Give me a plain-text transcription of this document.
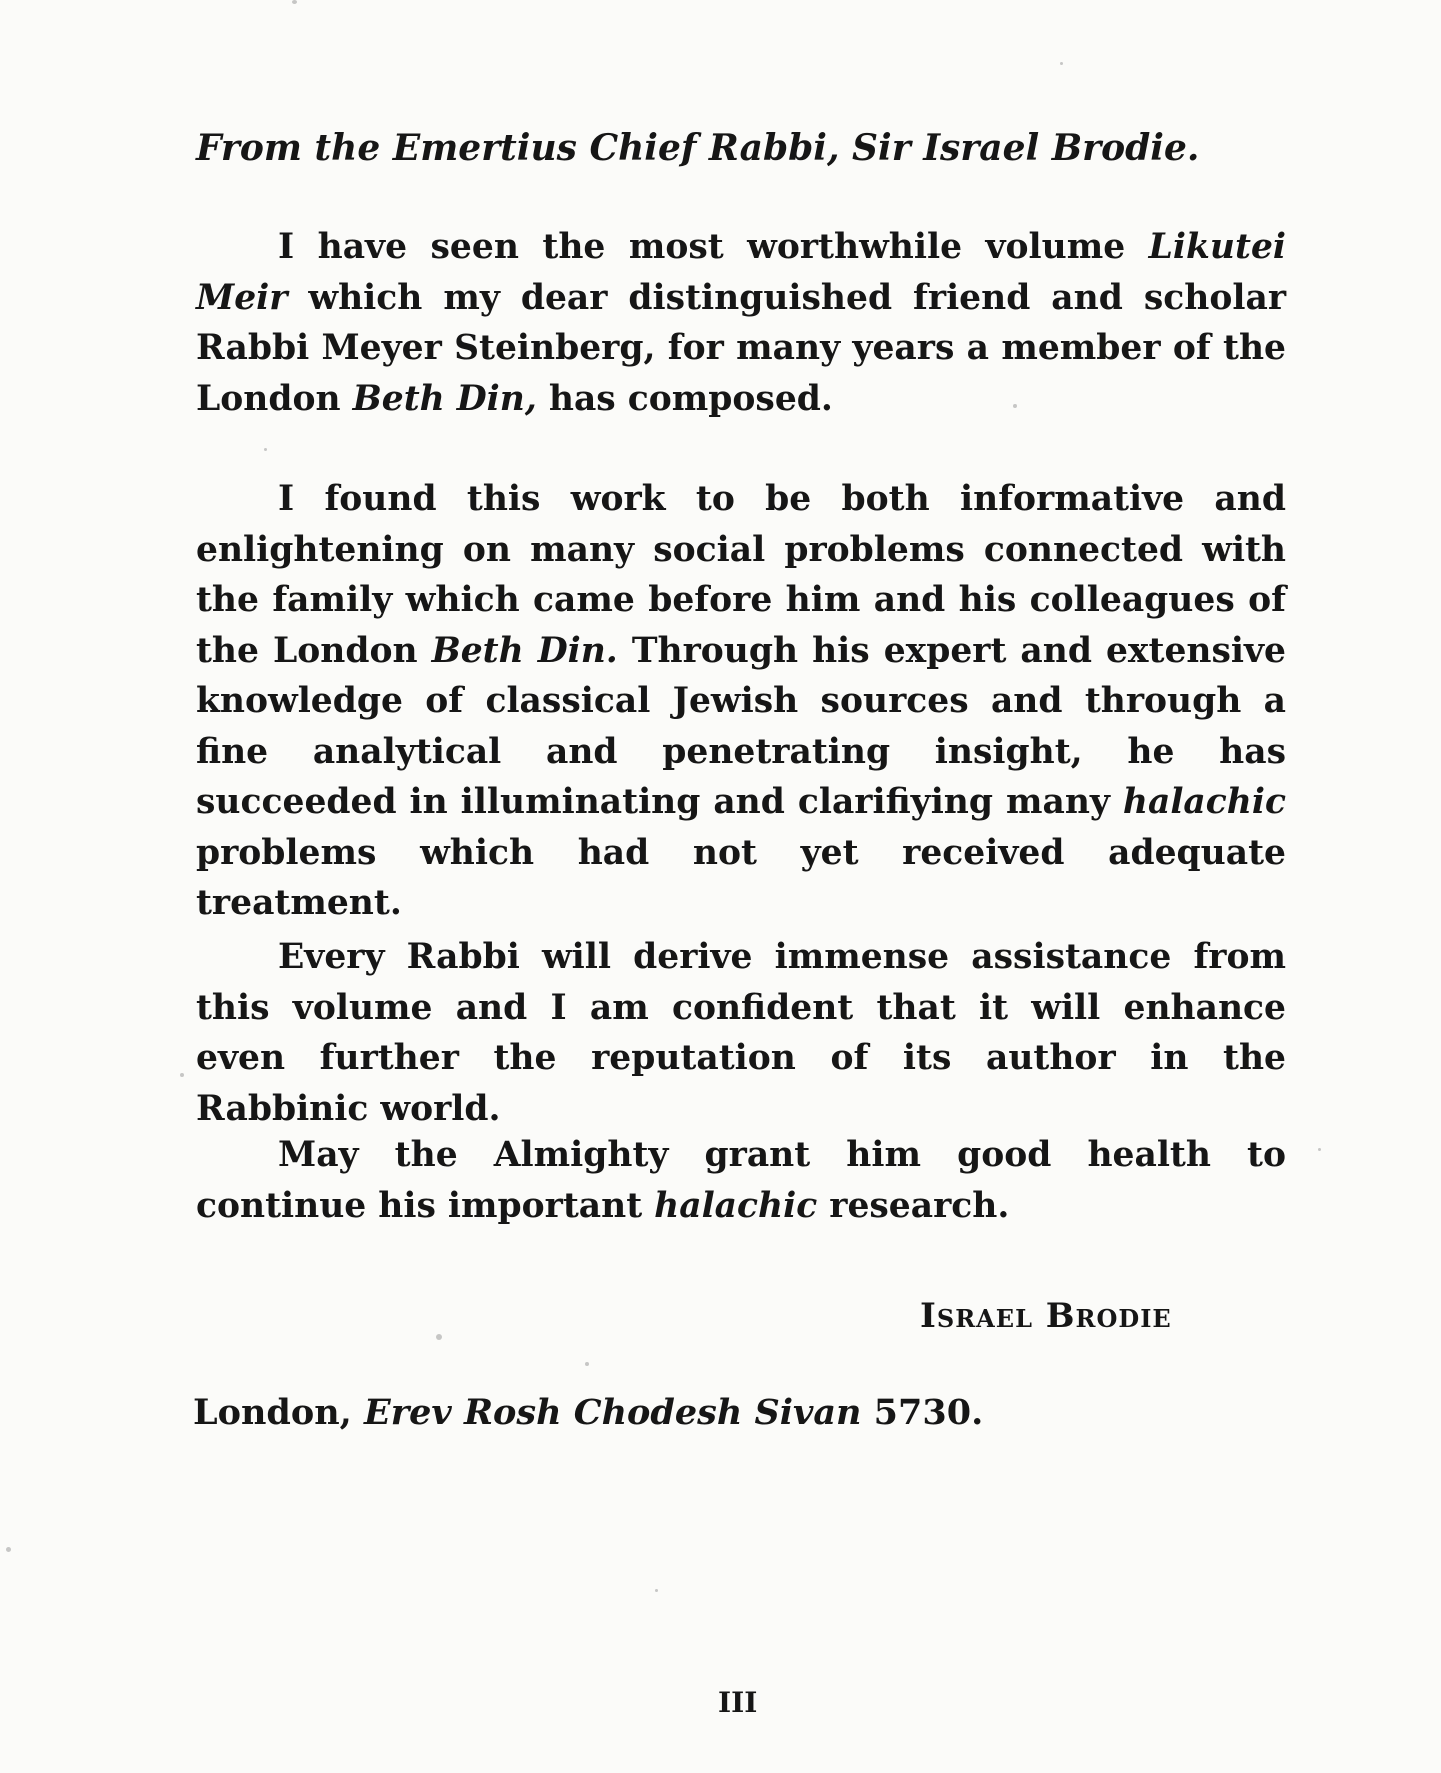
From the Emertius Chief Rabbi, Sir Israel Brodie.

I have seen the most worthwhile volume Likutei Meir which my dear distinguished friend and scholar Rabbi Meyer Steinberg, for many years a member of the London Beth Din, has composed.

I found this work to be both informative and enlightening on many social problems connected with the family which came before him and his colleagues of the London Beth Din. Through his expert and extensive knowledge of classical Jewish sources and through a fine analytical and penetrating insight, he has succeeded in illuminating and clarifiying many halachic problems which had not yet received adequate treatment.

Every Rabbi will derive immense assistance from this volume and I am confident that it will enhance even further the reputation of its author in the Rabbinic world.

May the Almighty grant him good health to continue his important halachic research.

Israel Brodie
London, Erev Rosh Chodesh Sivan 5730.
III
